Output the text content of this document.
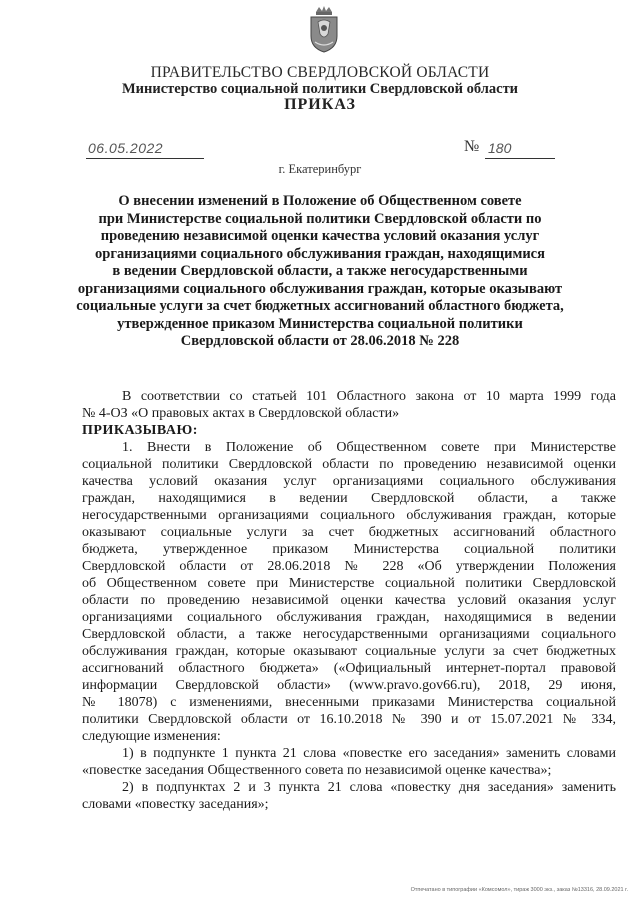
ПРАВИТЕЛЬСТВО СВЕРДЛОВСКОЙ ОБЛАСТИ
Министерство социальной политики Свердловской области
ПРИКАЗ
06.05.2022	№ 180
г. Екатеринбург
О внесении изменений в Положение об Общественном совете
при Министерстве социальной политики Свердловской области по
проведению независимой оценки качества условий оказания услуг
организациями социального обслуживания граждан, находящимися
в ведении Свердловской области, а также негосударственными
организациями социального обслуживания граждан, которые оказывают
социальные услуги за счет бюджетных ассигнований областного бюджета,
утвержденное приказом Министерства социальной политики
Свердловской области от 28.06.2018 № 228
В соответствии со статьей 101 Областного закона от 10 марта 1999 года
№ 4-ОЗ «О правовых актах в Свердловской области»
ПРИКАЗЫВАЮ:
1. Внести в Положение об Общественном совете при Министерстве
социальной политики Свердловской области по проведению независимой оценки
качества условий оказания услуг организациями социального обслуживания
граждан, находящимися в ведении Свердловской области, а также
негосударственными организациями социального обслуживания граждан, которые
оказывают социальные услуги за счет бюджетных ассигнований областного
бюджета, утвержденное приказом Министерства социальной политики
Свердловской области от 28.06.2018 № 228 «Об утверждении Положения
об Общественном совете при Министерстве социальной политики Свердловской
области по проведению независимой оценки качества условий оказания услуг
организациями социального обслуживания граждан, находящимися в ведении
Свердловской области, а также негосударственными организациями социального
обслуживания граждан, которые оказывают социальные услуги за счет бюджетных
ассигнований областного бюджета» («Официальный интернет-портал правовой
информации Свердловской области» (www.pravo.gov66.ru), 2018, 29 июня,
№ 18078) с изменениями, внесенными приказами Министерства социальной
политики Свердловской области от 16.10.2018 № 390 и от 15.07.2021 № 334,
следующие изменения:
1) в подпункте 1 пункта 21 слова «повестке его заседания» заменить словами
«повестке заседания Общественного совета по независимой оценке качества»;
2) в подпунктах 2 и 3 пункта 21 слова «повестку дня заседания» заменить
словами «повестку заседания»;
Отпечатано в типографии «Комсомол», тираж 3000 экз., заказ №13316, 28.09.2021 г.
